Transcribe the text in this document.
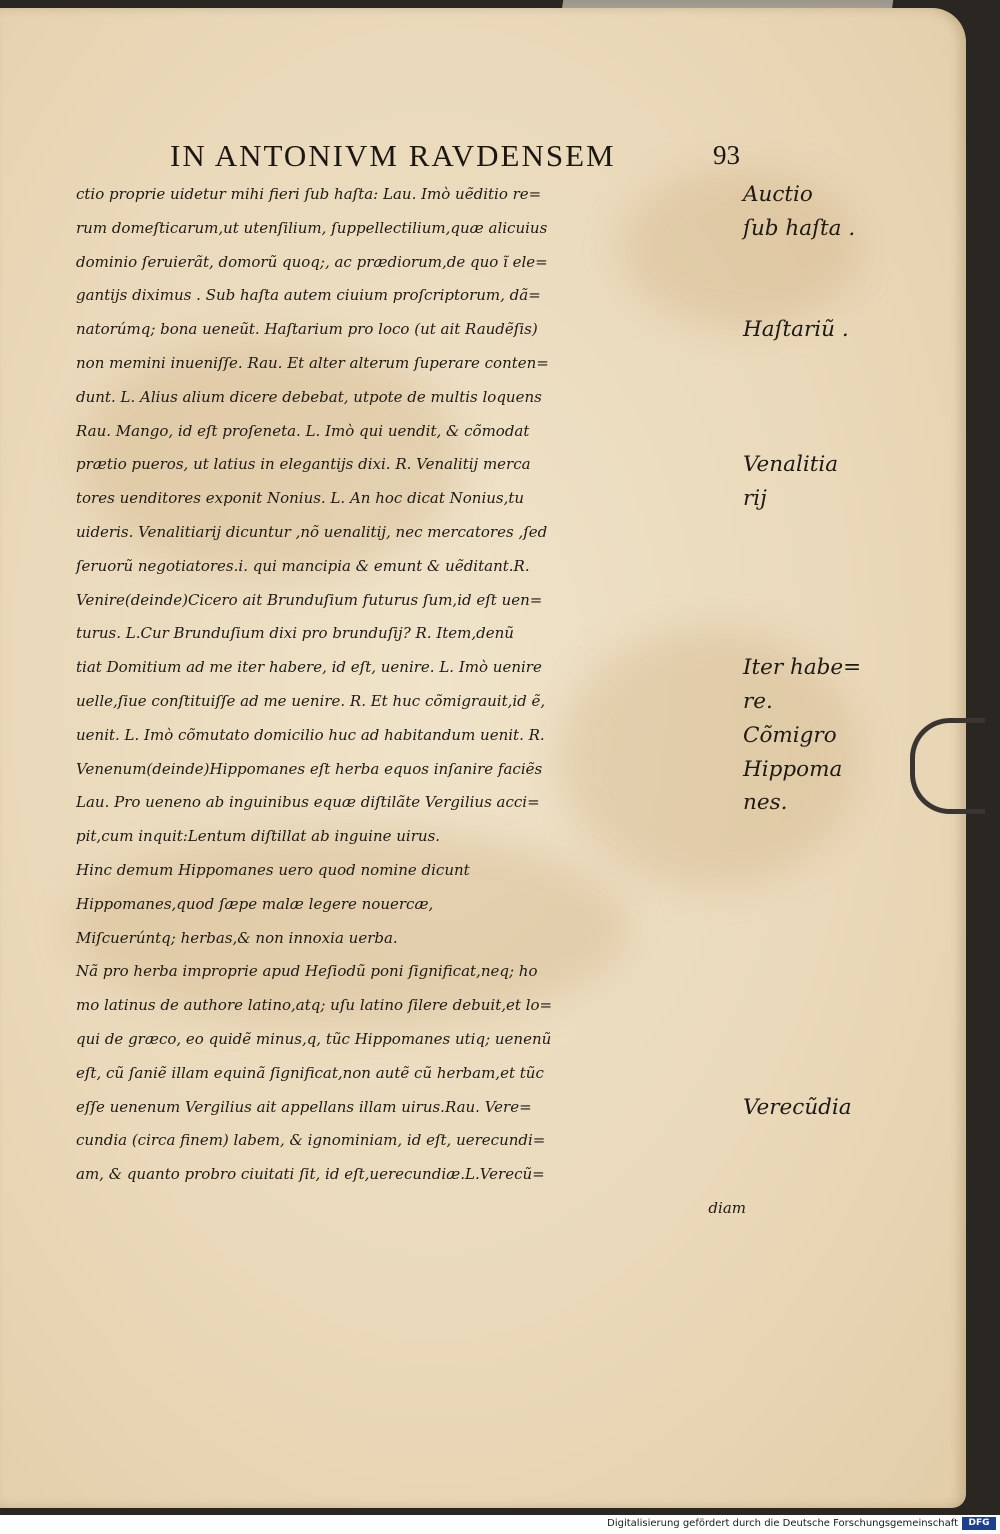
IN ANTONIVM RAVDENSEM	93
ctio proprie uidetur mihi fieri ſub haſta: Lau. Imò uẽditio re=
rum domeſticarum,ut utenſilium, ſuppellectilium,quæ alicuius
dominio ſeruierãt, domorũ quoq;, ac prædiorum,de quo ĩ ele=
gantijs diximus . Sub haſta autem ciuium proſcriptorum, dã=
natorúmq; bona ueneũt. Haſtarium pro loco (ut ait Raudẽſis)
non memini inueniſſe. Rau. Et alter alterum ſuperare conten=
dunt. L. Alius alium dicere debebat, utpote de multis loquens
Rau. Mango, id eſt proſeneta. L. Imò qui uendit, & cõmodat
prætio pueros, ut latius in elegantijs dixi. R. Venalitij merca
tores uenditores exponit Nonius. L. An hoc dicat Nonius,tu
uideris. Venalitiarij dicuntur ,nõ uenalitij, nec mercatores ,ſed
ſeruorũ negotiatores.i. qui mancipia & emunt & uẽditant.R.
Venire(deinde)Cicero ait Brunduſium futurus ſum,id eſt uen=
turus. L.Cur Brunduſium dixi pro brunduſij? R. Item,denũ
tiat Domitium ad me iter habere, id eſt, uenire. L. Imò uenire
uelle,ſiue conſtituiſſe ad me uenire. R. Et huc cõmigrauit,id ẽ,
uenit. L. Imò cõmutato domicilio huc ad habitandum uenit. R.
Venenum(deinde)Hippomanes eſt herba equos inſanire faciẽs
Lau. Pro ueneno ab inguinibus equæ diſtilãte Vergilius acci=
pit,cum inquit:Lentum diſtillat ab inguine uirus.
Hinc demum Hippomanes uero quod nomine dicunt
Hippomanes,quod ſæpe malæ legere nouercæ,
Miſcuerúntq; herbas,& non innoxia uerba.
Nã pro herba improprie apud Heſiodũ poni ſignificat,neq; ho
mo latinus de authore latino,atq; uſu latino ſilere debuit,et lo=
qui de græco, eo quidẽ minus,q, tũc Hippomanes utiq; uenenũ
eſt, cũ ſaniẽ illam equinã ſignificat,non autẽ cũ herbam,et tũc
eſſe uenenum Vergilius ait appellans illam uirus.Rau. Vere=
cundia (circa finem) labem, & ignominiam, id eſt, uerecundi=
am, & quanto probro ciuitati ſit, id eſt,uerecundiæ.L.Verecũ=
diam
Auctio
ſub haſta .
Haſtariũ .
Venalitia
rij
Iter habe=
re.
Cõmigro
Hippoma
nes.
Verecũdia
Digitalisierung gefördert durch die Deutsche Forschungsgemeinschaft	DFG
